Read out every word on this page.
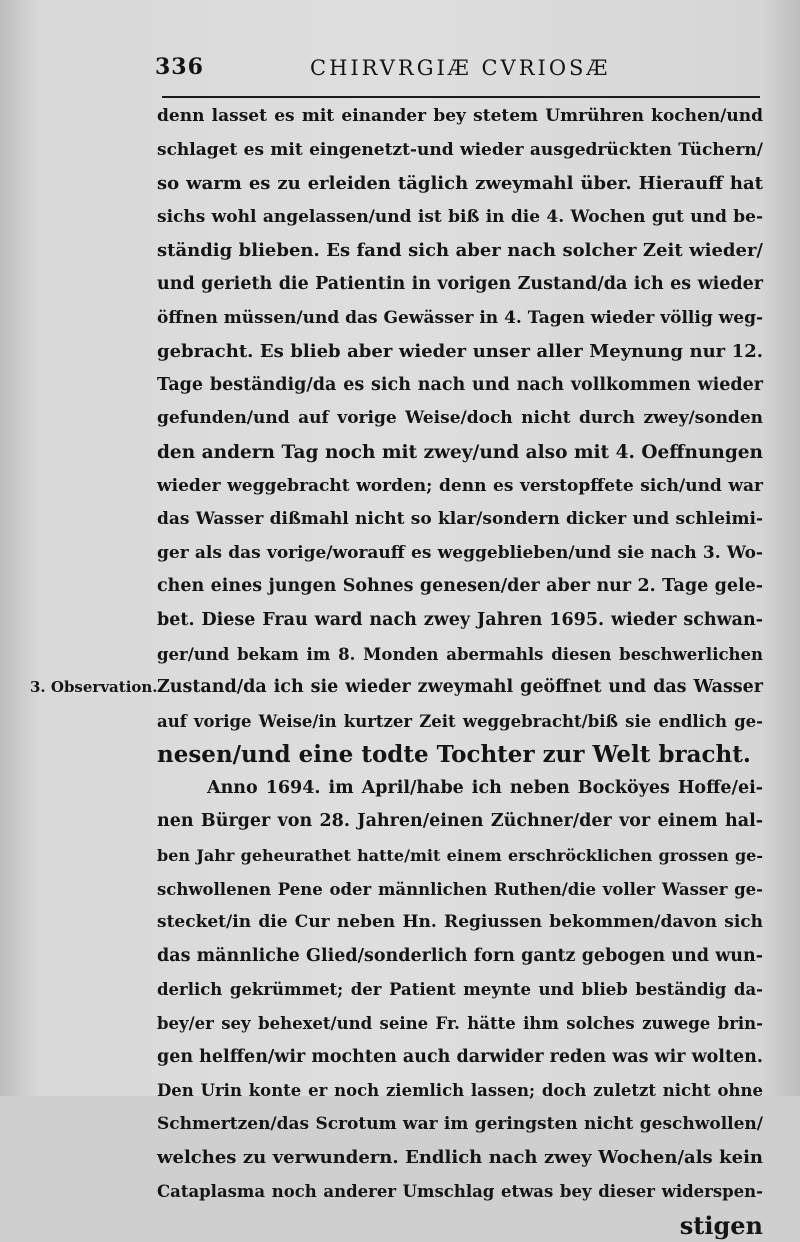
336	CHIRVRGIÆ CVRIOSÆ
3. Observation.
denn lasset es mit einander bey stetem Umrühren kochen/und
schlaget es mit eingenetzt-und wieder ausgedrückten Tüchern/
so warm es zu erleiden täglich zweymahl über. Hierauff hat
sichs wohl angelassen/und ist biß in die 4. Wochen gut und be-
ständig blieben. Es fand sich aber nach solcher Zeit wieder/
und gerieth die Patientin in vorigen Zustand/da ich es wieder
öffnen müssen/und das Gewässer in 4. Tagen wieder völlig weg-
gebracht. Es blieb aber wieder unser aller Meynung nur 12.
Tage beständig/da es sich nach und nach vollkommen wieder
gefunden/und auf vorige Weise/doch nicht durch zwey/sonden
den andern Tag noch mit zwey/und also mit 4. Oeffnungen
wieder weggebracht worden; denn es verstopffete sich/und war
das Wasser dißmahl nicht so klar/sondern dicker und schleimi-
ger als das vorige/worauff es weggeblieben/und sie nach 3. Wo-
chen eines jungen Sohnes genesen/der aber nur 2. Tage gele-
bet. Diese Frau ward nach zwey Jahren 1695. wieder schwan-
ger/und bekam im 8. Monden abermahls diesen beschwerlichen
Zustand/da ich sie wieder zweymahl geöffnet und das Wasser
auf vorige Weise/in kurtzer Zeit weggebracht/biß sie endlich ge-
nesen/und eine todte Tochter zur Welt bracht.
Anno 1694. im April/habe ich neben Bocköyes Hoffe/ei-
nen Bürger von 28. Jahren/einen Züchner/der vor einem hal-
ben Jahr geheurathet hatte/mit einem erschröcklichen grossen ge-
schwollenen Pene oder männlichen Ruthen/die voller Wasser ge-
stecket/in die Cur neben Hn. Regiussen bekommen/davon sich
das männliche Glied/sonderlich forn gantz gebogen und wun-
derlich gekrümmet; der Patient meynte und blieb beständig da-
bey/er sey behexet/und seine Fr. hätte ihm solches zuwege brin-
gen helffen/wir mochten auch darwider reden was wir wolten.
Den Urin konte er noch ziemlich lassen; doch zuletzt nicht ohne
Schmertzen/das Scrotum war im geringsten nicht geschwollen/
welches zu verwundern. Endlich nach zwey Wochen/als kein
Cataplasma noch anderer Umschlag etwas bey dieser widerspen-
stigen
